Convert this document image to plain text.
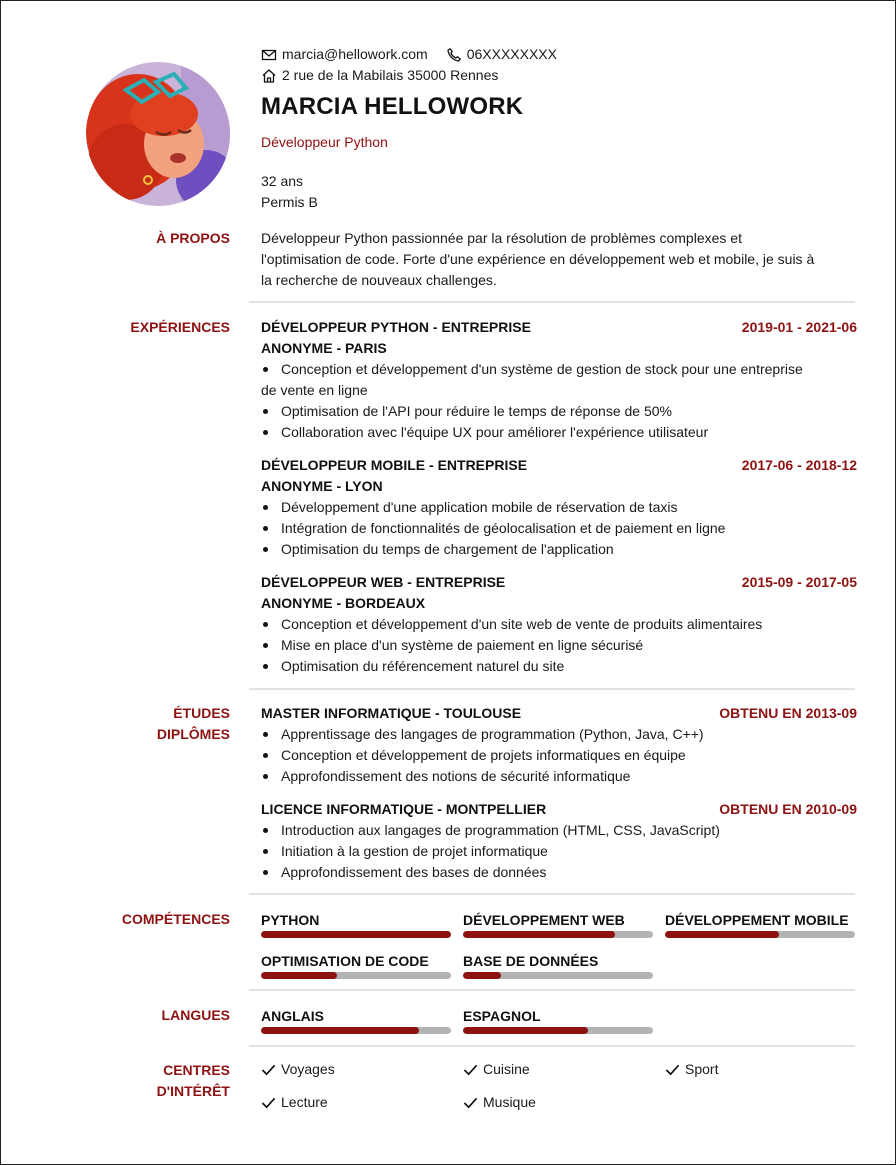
marcia@hellowork.com	06XXXXXXXX
2 rue de la Mabilais 35000 Rennes
MARCIA HELLOWORK
Développeur Python
32 ans
Permis B
À PROPOS Développeur Python passionnée par la résolution de problèmes complexes et
l'optimisation de code. Forte d'une expérience en développement web et mobile, je suis à
la recherche de nouveaux challenges.
EXPÉRIENCES DÉVELOPPEUR PYTHON - ENTREPRISE	2019-01 - 2021-06
ANONYME - PARIS
Conception et développement d'un système de gestion de stock pour une entreprise
de vente en ligne
Optimisation de l'API pour réduire le temps de réponse de 50%
Collaboration avec l'équipe UX pour améliorer l'expérience utilisateur
DÉVELOPPEUR MOBILE - ENTREPRISE	2017-06 - 2018-12
ANONYME - LYON
Développement d'une application mobile de réservation de taxis
Intégration de fonctionnalités de géolocalisation et de paiement en ligne
Optimisation du temps de chargement de l'application
DÉVELOPPEUR WEB - ENTREPRISE	2015-09 - 2017-05
ANONYME - BORDEAUX
Conception et développement d'un site web de vente de produits alimentaires
Mise en place d'un système de paiement en ligne sécurisé
Optimisation du référencement naturel du site
ÉTUDES
DIPLÔMES
MASTER INFORMATIQUE - TOULOUSE	OBTENU EN 2013-09
Apprentissage des langages de programmation (Python, Java, C++)
Conception et développement de projets informatiques en équipe
Approfondissement des notions de sécurité informatique
LICENCE INFORMATIQUE - MONTPELLIER	OBTENU EN 2010-09
Introduction aux langages de programmation (HTML, CSS, JavaScript)
Initiation à la gestion de projet informatique
Approfondissement des bases de données
COMPÉTENCES PYTHON	DÉVELOPPEMENT WEB	DÉVELOPPEMENT MOBILE
OPTIMISATION DE CODE	BASE DE DONNÉES
LANGUES ANGLAIS	ESPAGNOL
CENTRES
D'INTÉRÊT
Voyages	Cuisine	Sport
Lecture	Musique
